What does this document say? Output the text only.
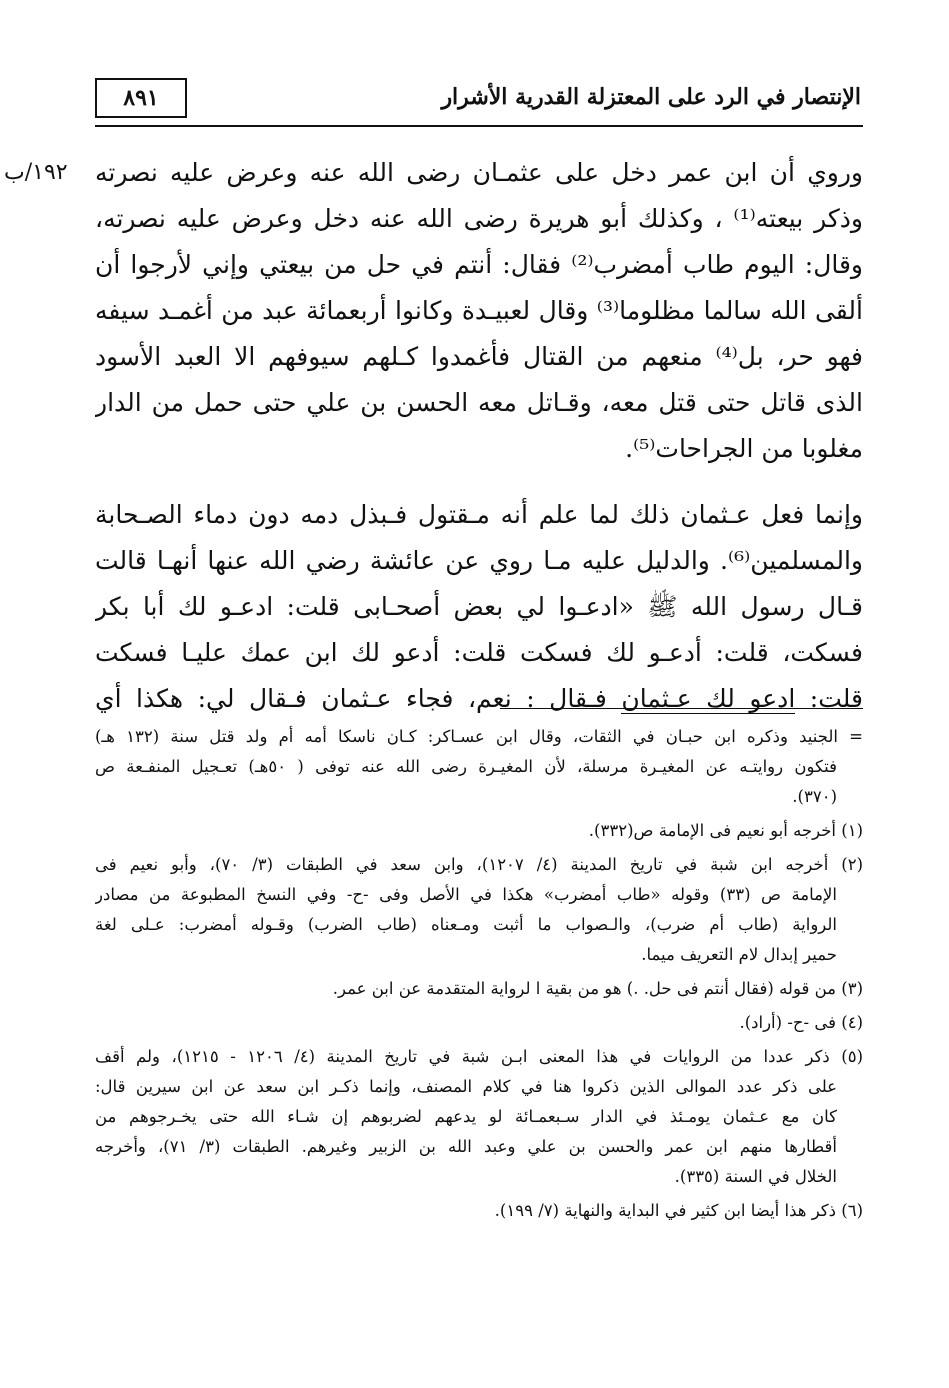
٨٩١	الإنتصار في الرد على المعتزلة القدرية الأشرار
١٩٢/ب وروي أن ابن عمر دخل على عثمـان رضى الله عنه وعرض عليه نصرته
وذكر بيعته⁽¹⁾ ، وكذلك أبو هريرة رضى الله عنه دخل وعرض عليه نصرته،
وقال: اليوم طاب أمضرب⁽²⁾ فقال: أنتم في حل من بيعتي وإني لأرجوا أن
ألقى الله سالما مظلوما⁽³⁾ وقال لعبيـدة وكانوا أربعمائة عبد من أغمـد سيفه
فهو حر، بل⁽⁴⁾ منعهم من القتال فأغمدوا كـلهم سيوفهم الا العبد الأسود
الذى قاتل حتى قتل معه، وقـاتل معه الحسن بن علي حتى حمل من الدار
مغلوبا من الجراحات⁽⁵⁾.

وإنما فعل عـثمان ذلك لما علم أنه مـقتول فـبذل دمه دون دماء الصـحابة
والمسلمين⁽⁶⁾. والدليل عليه مـا روي عن عائشة رضي الله عنها أنهـا قالت
قـال رسول الله ﷺ «ادعـوا لي بعض أصحـابى قلت: ادعـو لك أبا بكر
فسكت، قلت: أدعـو لك فسكت قلت: أدعو لك ابن عمك عليـا فسكت
قلت: ادعو لك عـثمان فـقال : نعم، فجاء عـثمان فـقال لي: هكذا أي

= الجنيد وذكره ابن حبـان في الثقات، وقال ابن عسـاكر: كـان ناسكا أمه أم ولد قتل سنة (١٣٢ هـ)
فتكون روايتـه عن المغيـرة مرسلة، لأن المغيـرة رضى الله عنه توفى ( ٥٠هـ) تعـجيل المنفـعة ص
(٣٧٠).
(١) أخرجه أبو نعيم فى الإمامة ص(٣٣٢).
(٢) أخرجه ابن شبة في تاريخ المدينة (٤/ ١٢٠٧)، وابن سعد في الطبقات (٣/ ٧٠)، وأبو نعيم فى
الإمامة ص (٣٣) وقوله «طاب أمضرب» هكذا في الأصل وفى -ح- وفي النسخ المطبوعة من مصادر
الرواية (طاب أم ضرب)، والـصواب ما أثبت ومـعناه (طاب الضرب) وقـوله أمضرب: عـلى لغة
حمير إبدال لام التعريف ميما.
(٣) من قوله (فقال أنتم فى حل. .) هو من بقية ا لرواية المتقدمة عن ابن عمر.
(٤) فى -ح- (أراد).
(٥) ذكر عددا من الروايات في هذا المعنى ابـن شبة في تاريخ المدينة (٤/ ١٢٠٦ - ١٢١٥)، ولم أقف
على ذكر عدد الموالى الذين ذكروا هنا في كلام المصنف، وإنما ذكـر ابن سعد عن ابن سيرين قال:
كان مع عـثمان يومـئذ في الدار سـبعمـائة لو يدعهم لضربوهم إن شـاء الله حتى يخـرجوهم من
أقطارها منهم ابن عمر والحسن بن علي وعبد الله بن الزبير وغيرهم. الطبقات (٣/ ٧١)، وأخرجه
الخلال في السنة (٣٣٥).
(٦) ذكر هذا أيضا ابن كثير في البداية والنهاية (٧/ ١٩٩).
